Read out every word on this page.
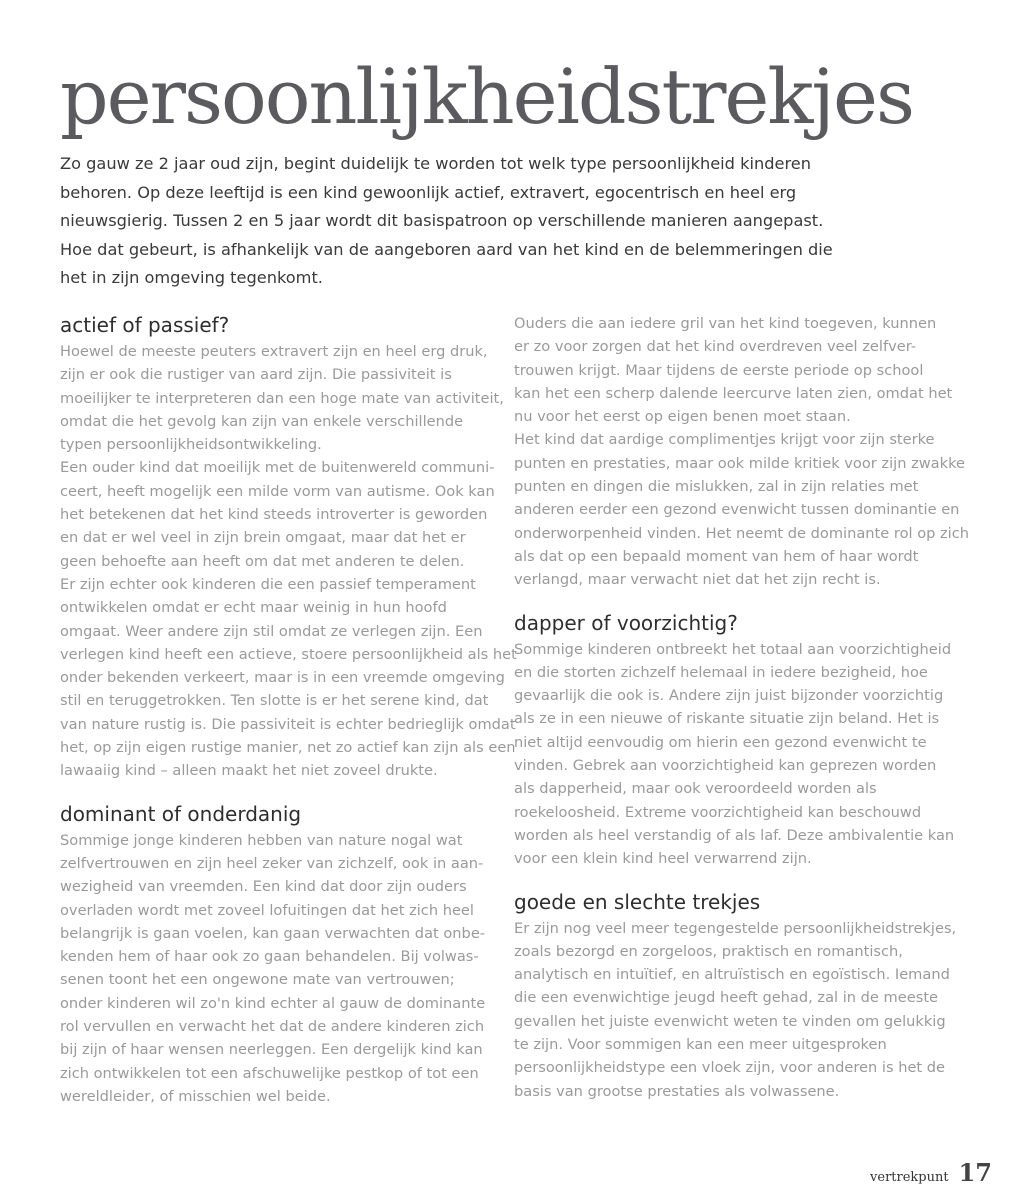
persoonlijkheidstrekjes
Zo gauw ze 2 jaar oud zijn, begint duidelijk te worden tot welk type persoonlijkheid kinderen
behoren. Op deze leeftijd is een kind gewoonlijk actief, extravert, egocentrisch en heel erg
nieuwsgierig. Tussen 2 en 5 jaar wordt dit basispatroon op verschillende manieren aangepast.
Hoe dat gebeurt, is afhankelijk van de aangeboren aard van het kind en de belemmeringen die
het in zijn omgeving tegenkomt.
actief of passief?

Hoewel de meeste peuters extravert zijn en heel erg druk,
zijn er ook die rustiger van aard zijn. Die passiviteit is
moeilijker te interpreteren dan een hoge mate van activiteit,
omdat die het gevolg kan zijn van enkele verschillende
typen persoonlijkheidsontwikkeling.
Een ouder kind dat moeilijk met de buitenwereld communi-
ceert, heeft mogelijk een milde vorm van autisme. Ook kan
het betekenen dat het kind steeds introverter is geworden
en dat er wel veel in zijn brein omgaat, maar dat het er
geen behoefte aan heeft om dat met anderen te delen.
Er zijn echter ook kinderen die een passief temperament
ontwikkelen omdat er echt maar weinig in hun hoofd
omgaat. Weer andere zijn stil omdat ze verlegen zijn. Een
verlegen kind heeft een actieve, stoere persoonlijkheid als het
onder bekenden verkeert, maar is in een vreemde omgeving
stil en teruggetrokken. Ten slotte is er het serene kind, dat
van nature rustig is. Die passiviteit is echter bedrieglijk omdat
het, op zijn eigen rustige manier, net zo actief kan zijn als een
lawaaiig kind – alleen maakt het niet zoveel drukte.

dominant of onderdanig

Sommige jonge kinderen hebben van nature nogal wat
zelfvertrouwen en zijn heel zeker van zichzelf, ook in aan-
wezigheid van vreemden. Een kind dat door zijn ouders
overladen wordt met zoveel lofuitingen dat het zich heel
belangrijk is gaan voelen, kan gaan verwachten dat onbe-
kenden hem of haar ook zo gaan behandelen. Bij volwas-
senen toont het een ongewone mate van vertrouwen;
onder kinderen wil zo'n kind echter al gauw de dominante
rol vervullen en verwacht het dat de andere kinderen zich
bij zijn of haar wensen neerleggen. Een dergelijk kind kan
zich ontwikkelen tot een afschuwelijke pestkop of tot een
wereldleider, of misschien wel beide.

Ouders die aan iedere gril van het kind toegeven, kunnen
er zo voor zorgen dat het kind overdreven veel zelfver-
trouwen krijgt. Maar tijdens de eerste periode op school
kan het een scherp dalende leercurve laten zien, omdat het
nu voor het eerst op eigen benen moet staan.
Het kind dat aardige complimentjes krijgt voor zijn sterke
punten en prestaties, maar ook milde kritiek voor zijn zwakke
punten en dingen die mislukken, zal in zijn relaties met
anderen eerder een gezond evenwicht tussen dominantie en
onderworpenheid vinden. Het neemt de dominante rol op zich
als dat op een bepaald moment van hem of haar wordt
verlangd, maar verwacht niet dat het zijn recht is.

dapper of voorzichtig?

Sommige kinderen ontbreekt het totaal aan voorzichtigheid
en die storten zichzelf helemaal in iedere bezigheid, hoe
gevaarlijk die ook is. Andere zijn juist bijzonder voorzichtig
als ze in een nieuwe of riskante situatie zijn beland. Het is
niet altijd eenvoudig om hierin een gezond evenwicht te
vinden. Gebrek aan voorzichtigheid kan geprezen worden
als dapperheid, maar ook veroordeeld worden als
roekeloosheid. Extreme voorzichtigheid kan beschouwd
worden als heel verstandig of als laf. Deze ambivalentie kan
voor een klein kind heel verwarrend zijn.

goede en slechte trekjes

Er zijn nog veel meer tegengestelde persoonlijkheidstrekjes,
zoals bezorgd en zorgeloos, praktisch en romantisch,
analytisch en intuïtief, en altruïstisch en egoïstisch. Iemand
die een evenwichtige jeugd heeft gehad, zal in de meeste
gevallen het juiste evenwicht weten te vinden om gelukkig
te zijn. Voor sommigen kan een meer uitgesproken
persoonlijkheidstype een vloek zijn, voor anderen is het de
basis van grootse prestaties als volwassene.

vertrekpunt 17
